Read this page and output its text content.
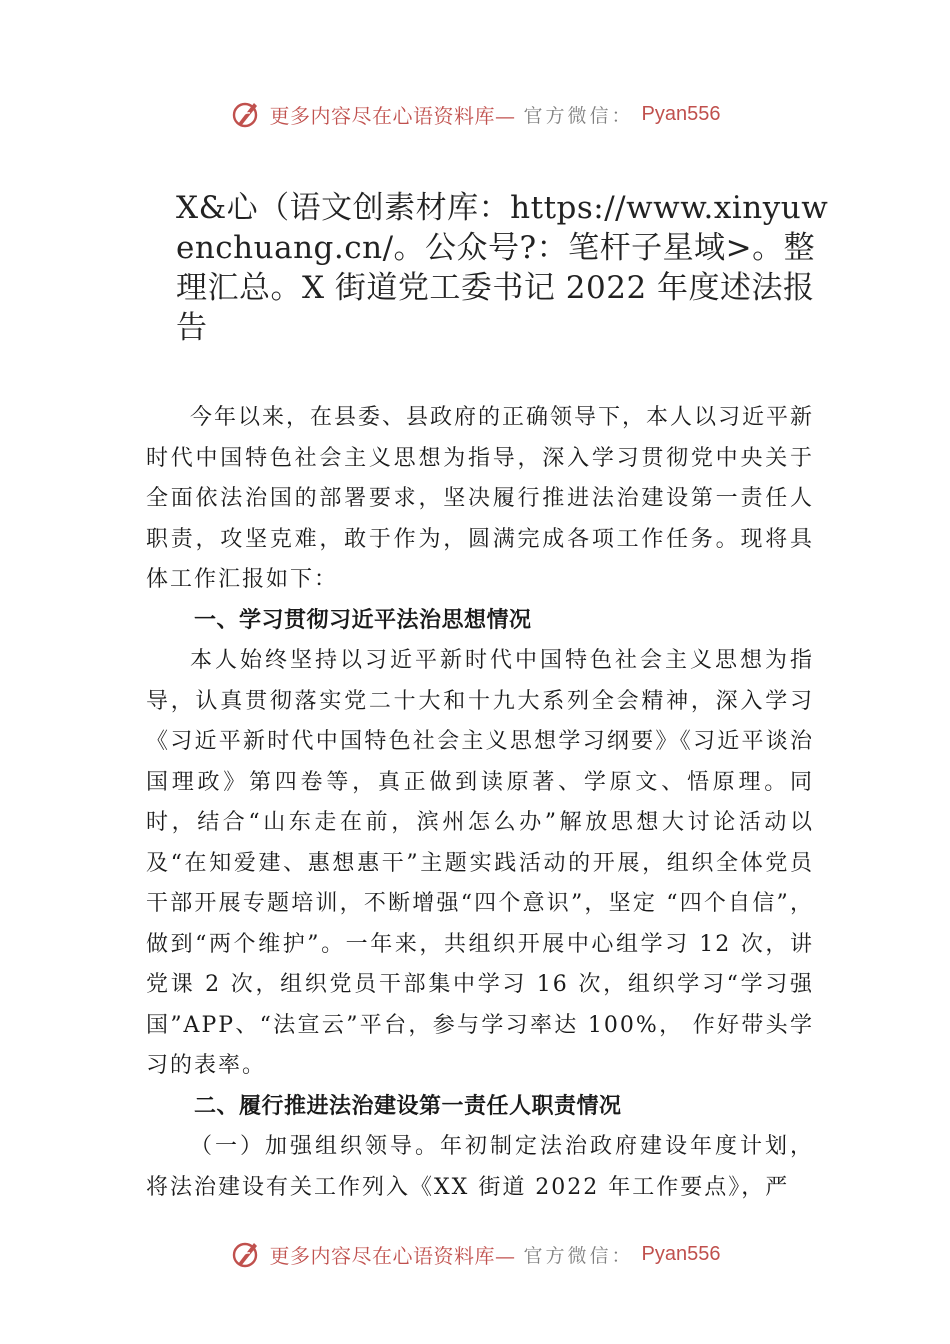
更多内容尽在心语资料库— 官方微信： Pyan556
X&心（语文创素材库：https://www.xinyuwenchuang.cn/。公众号?：笔杆子星域>。整理汇总。X 街道党工委书记 2022 年度述法报告

今年以来，在县委、县政府的正确领导下，本人以习近平新时代中国特色社会主义思想为指导，深入学习贯彻党中央关于全面依法治国的部署要求，坚决履行推进法治建设第一责任人职责，攻坚克难，敢于作为，圆满完成各项工作任务。现将具体工作汇报如下：

一、学习贯彻习近平法治思想情况

本人始终坚持以习近平新时代中国特色社会主义思想为指导，认真贯彻落实党二十大和十九大系列全会精神，深入学习《习近平新时代中国特色社会主义思想学习纲要》《习近平谈治国理政》第四卷等，真正做到读原著、学原文、悟原理。同时，结合“山东走在前，滨州怎么办”解放思想大讨论活动以及“在知爱建、惠想惠干”主题实践活动的开展，组织全体党员干部开展专题培训，不断增强“四个意识”，坚定 “四个自信”，做到“两个维护”。一年来，共组织开展中心组学习 12 次，讲党课 2 次，组织党员干部集中学习 16 次，组织学习“学习强国”APP、“法宣云”平台，参与学习率达 100%， 作好带头学习的表率。

二、履行推进法治建设第一责任人职责情况

（一）加强组织领导。年初制定法治政府建设年度计划，将法治建设有关工作列入《XX 街道 2022 年工作要点》，严

更多内容尽在心语资料库— 官方微信： Pyan556
